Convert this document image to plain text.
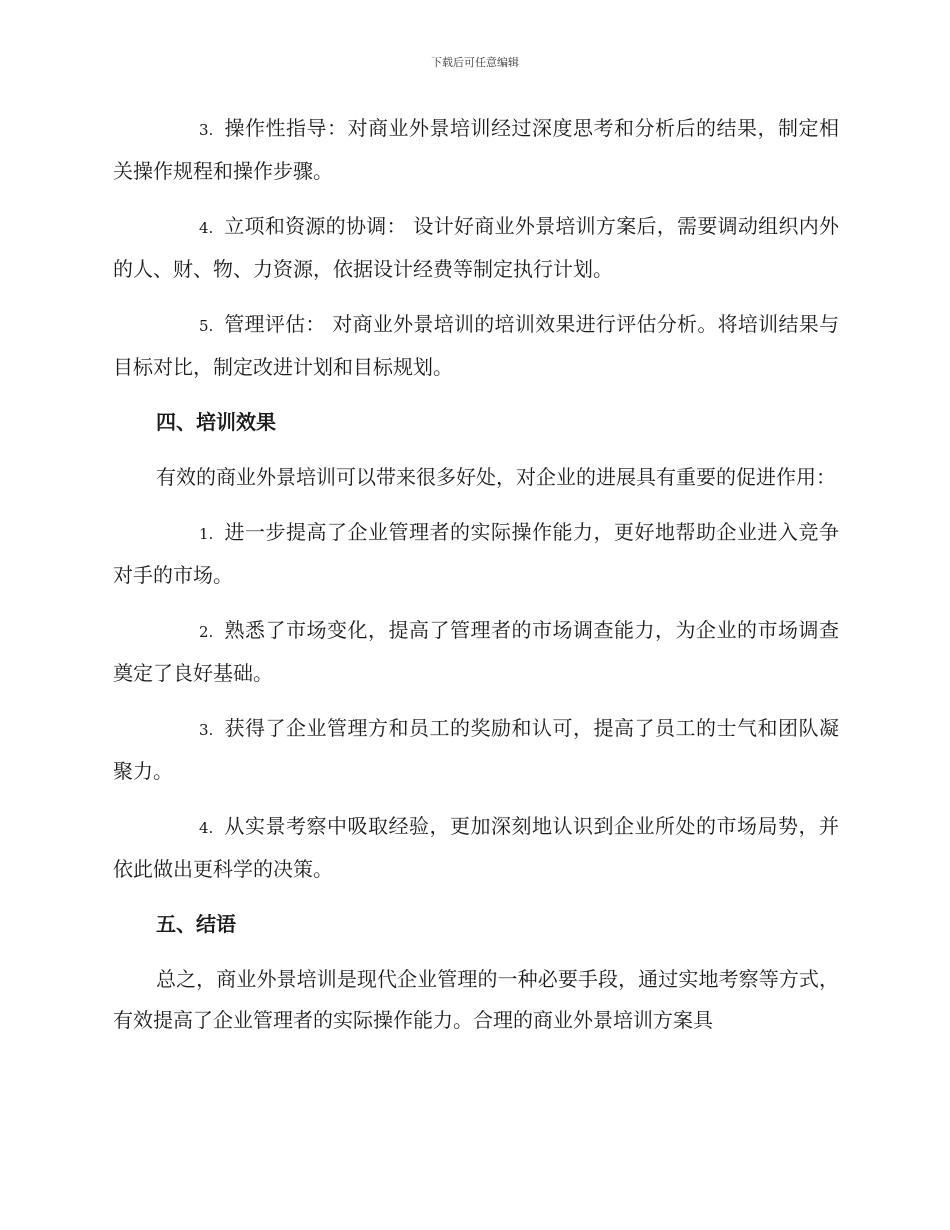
下载后可任意编辑

3. 操作性指导：对商业外景培训经过深度思考和分析后的结果，制定相关操作规程和操作步骤。

4. 立项和资源的协调： 设计好商业外景培训方案后，需要调动组织内外的人、财、物、力资源，依据设计经费等制定执行计划。

5. 管理评估： 对商业外景培训的培训效果进行评估分析。将培训结果与目标对比，制定改进计划和目标规划。

四、培训效果

有效的商业外景培训可以带来很多好处，对企业的进展具有重要的促进作用：

1. 进一步提高了企业管理者的实际操作能力，更好地帮助企业进入竞争对手的市场。

2. 熟悉了市场变化，提高了管理者的市场调查能力，为企业的市场调查奠定了良好基础。

3. 获得了企业管理方和员工的奖励和认可，提高了员工的士气和团队凝聚力。

4. 从实景考察中吸取经验，更加深刻地认识到企业所处的市场局势，并依此做出更科学的决策。

五、结语

总之，商业外景培训是现代企业管理的一种必要手段，通过实地考察等方式，有效提高了企业管理者的实际操作能力。合理的商业外景培训方案具
